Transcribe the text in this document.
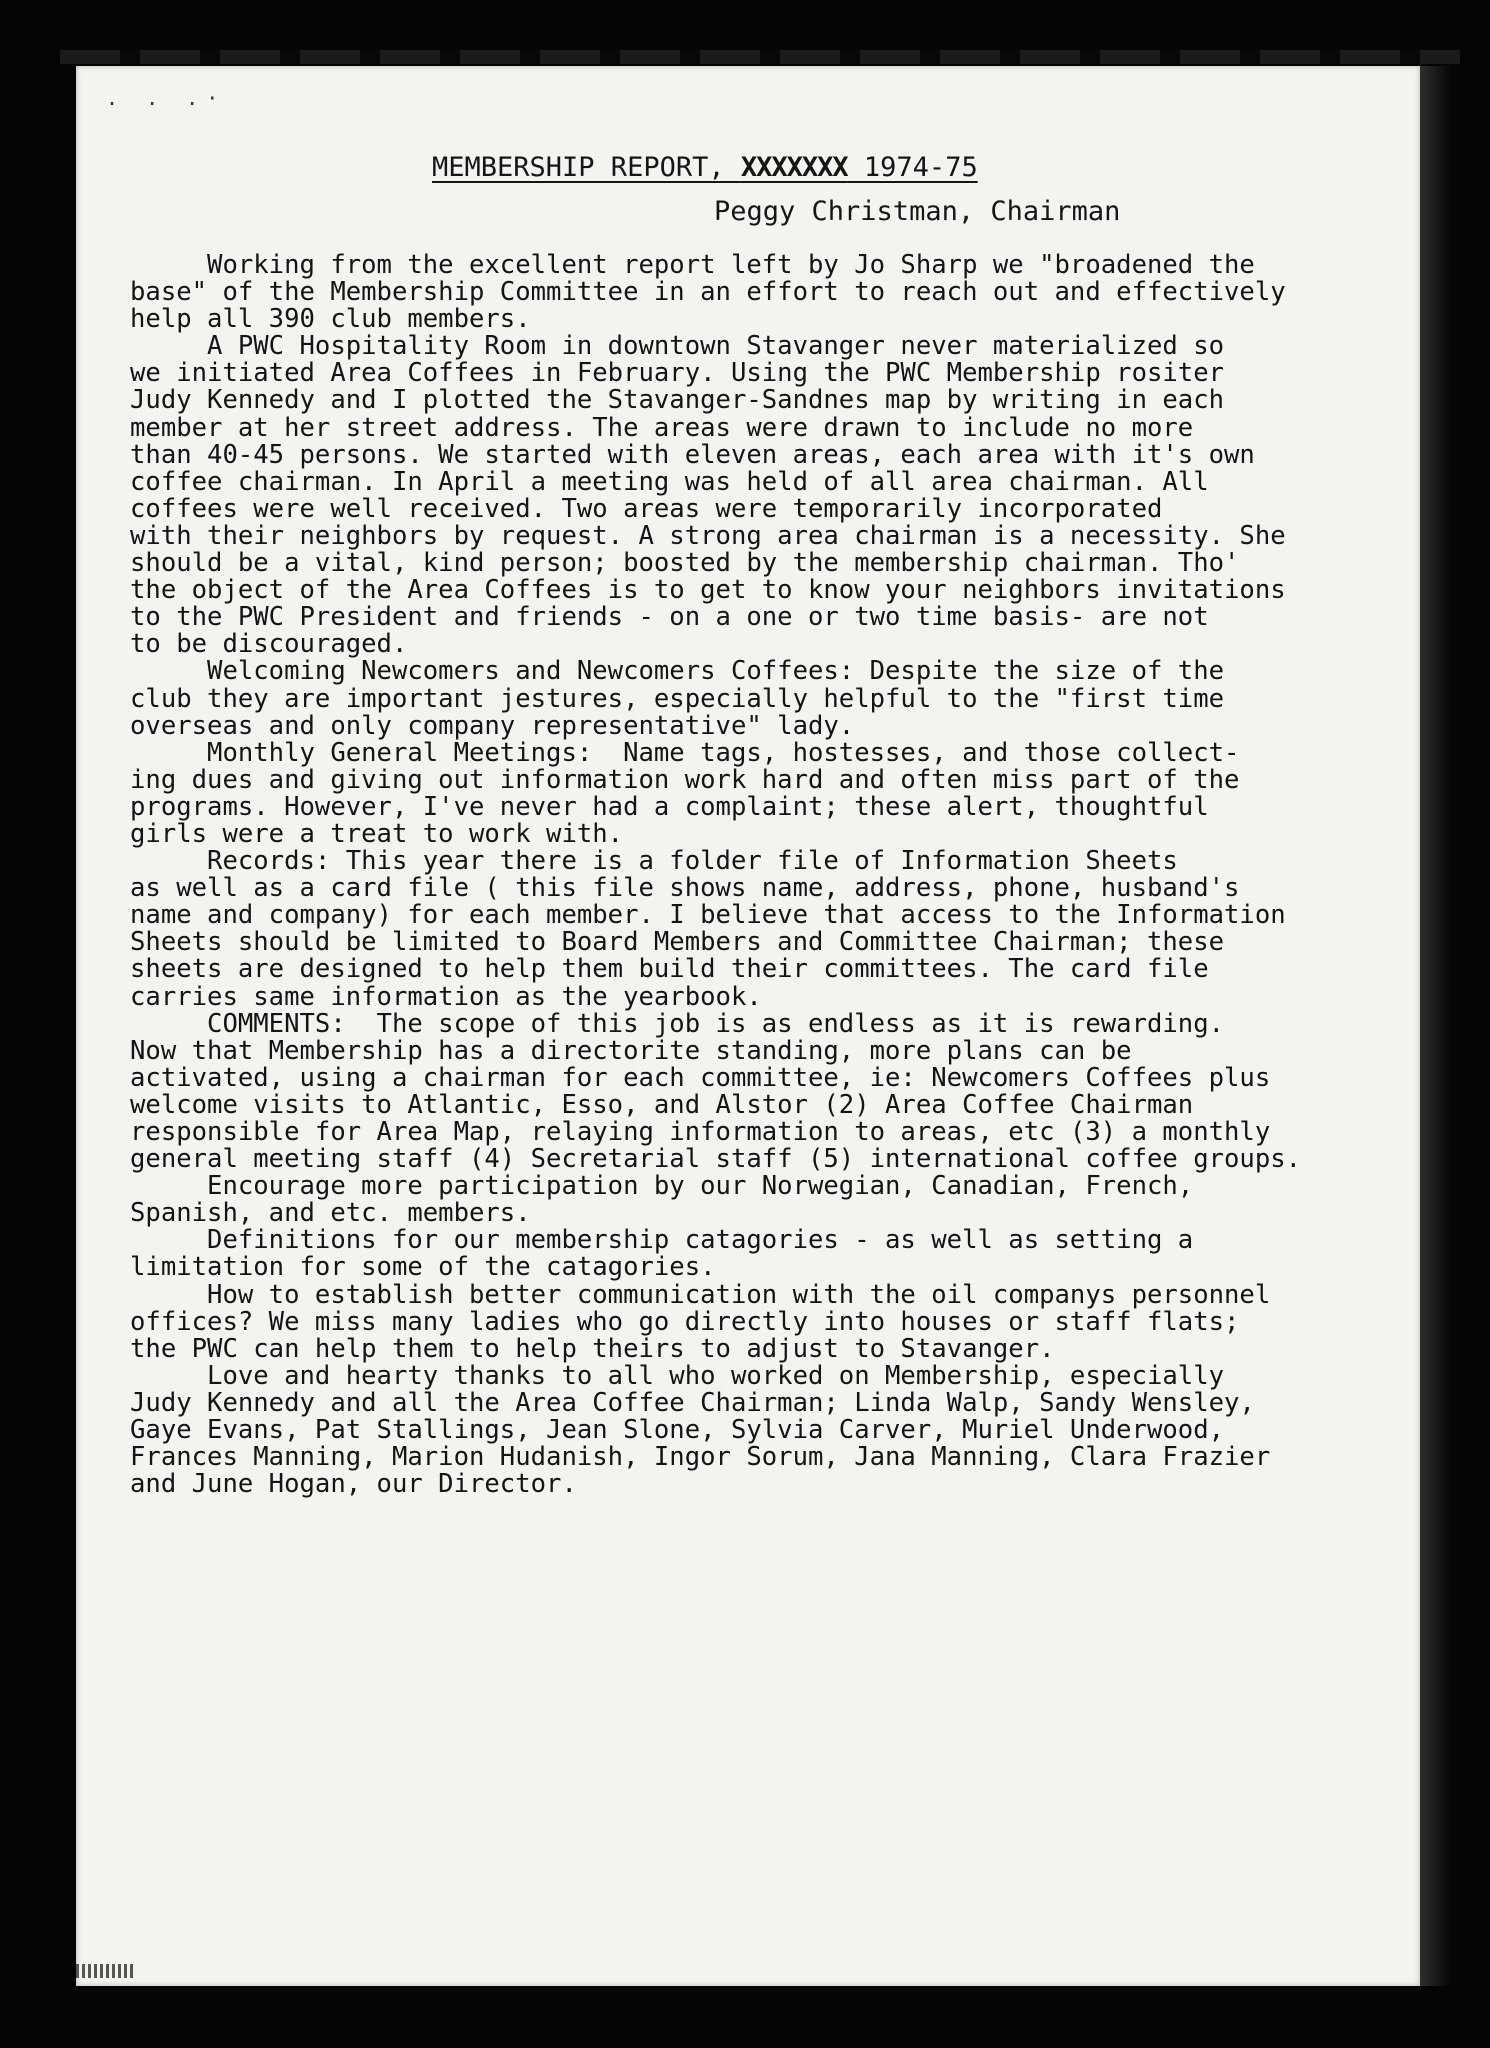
. . .·
MEMBERSHIP REPORT, XXXXXXX 1974-75
Peggy Christman, Chairman
Working from the excellent report left by Jo Sharp we "broadened the
base" of the Membership Committee in an effort to reach out and effectively
help all 390 club members.
A PWC Hospitality Room in downtown Stavanger never materialized so
we initiated Area Coffees in February. Using the PWC Membership rositer
Judy Kennedy and I plotted the Stavanger-Sandnes map by writing in each
member at her street address. The areas were drawn to include no more
than 40-45 persons. We started with eleven areas, each area with it's own
coffee chairman. In April a meeting was held of all area chairman. All
coffees were well received. Two areas were temporarily incorporated
with their neighbors by request. A strong area chairman is a necessity. She
should be a vital, kind person; boosted by the membership chairman. Tho'
the object of the Area Coffees is to get to know your neighbors invitations
to the PWC President and friends - on a one or two time basis- are not
to be discouraged.
Welcoming Newcomers and Newcomers Coffees: Despite the size of the
club they are important jestures, especially helpful to the "first time
overseas and only company representative" lady.
Monthly General Meetings:  Name tags, hostesses, and those collect-
ing dues and giving out information work hard and often miss part of the
programs. However, I've never had a complaint; these alert, thoughtful
girls were a treat to work with.
Records: This year there is a folder file of Information Sheets
as well as a card file ( this file shows name, address, phone, husband's
name and company) for each member. I believe that access to the Information
Sheets should be limited to Board Members and Committee Chairman; these
sheets are designed to help them build their committees. The card file
carries same information as the yearbook.
COMMENTS:  The scope of this job is as endless as it is rewarding.
Now that Membership has a directorite standing, more plans can be
activated, using a chairman for each committee, ie: Newcomers Coffees plus
welcome visits to Atlantic, Esso, and Alstor (2) Area Coffee Chairman
responsible for Area Map, relaying information to areas, etc (3) a monthly
general meeting staff (4) Secretarial staff (5) international coffee groups.
Encourage more participation by our Norwegian, Canadian, French,
Spanish, and etc. members.
Definitions for our membership catagories - as well as setting a
limitation for some of the catagories.
How to establish better communication with the oil companys personnel
offices? We miss many ladies who go directly into houses or staff flats;
the PWC can help them to help theirs to adjust to Stavanger.
Love and hearty thanks to all who worked on Membership, especially
Judy Kennedy and all the Area Coffee Chairman; Linda Walp, Sandy Wensley,
Gaye Evans, Pat Stallings, Jean Slone, Sylvia Carver, Muriel Underwood,
Frances Manning, Marion Hudanish, Ingor Sorum, Jana Manning, Clara Frazier
and June Hogan, our Director.
